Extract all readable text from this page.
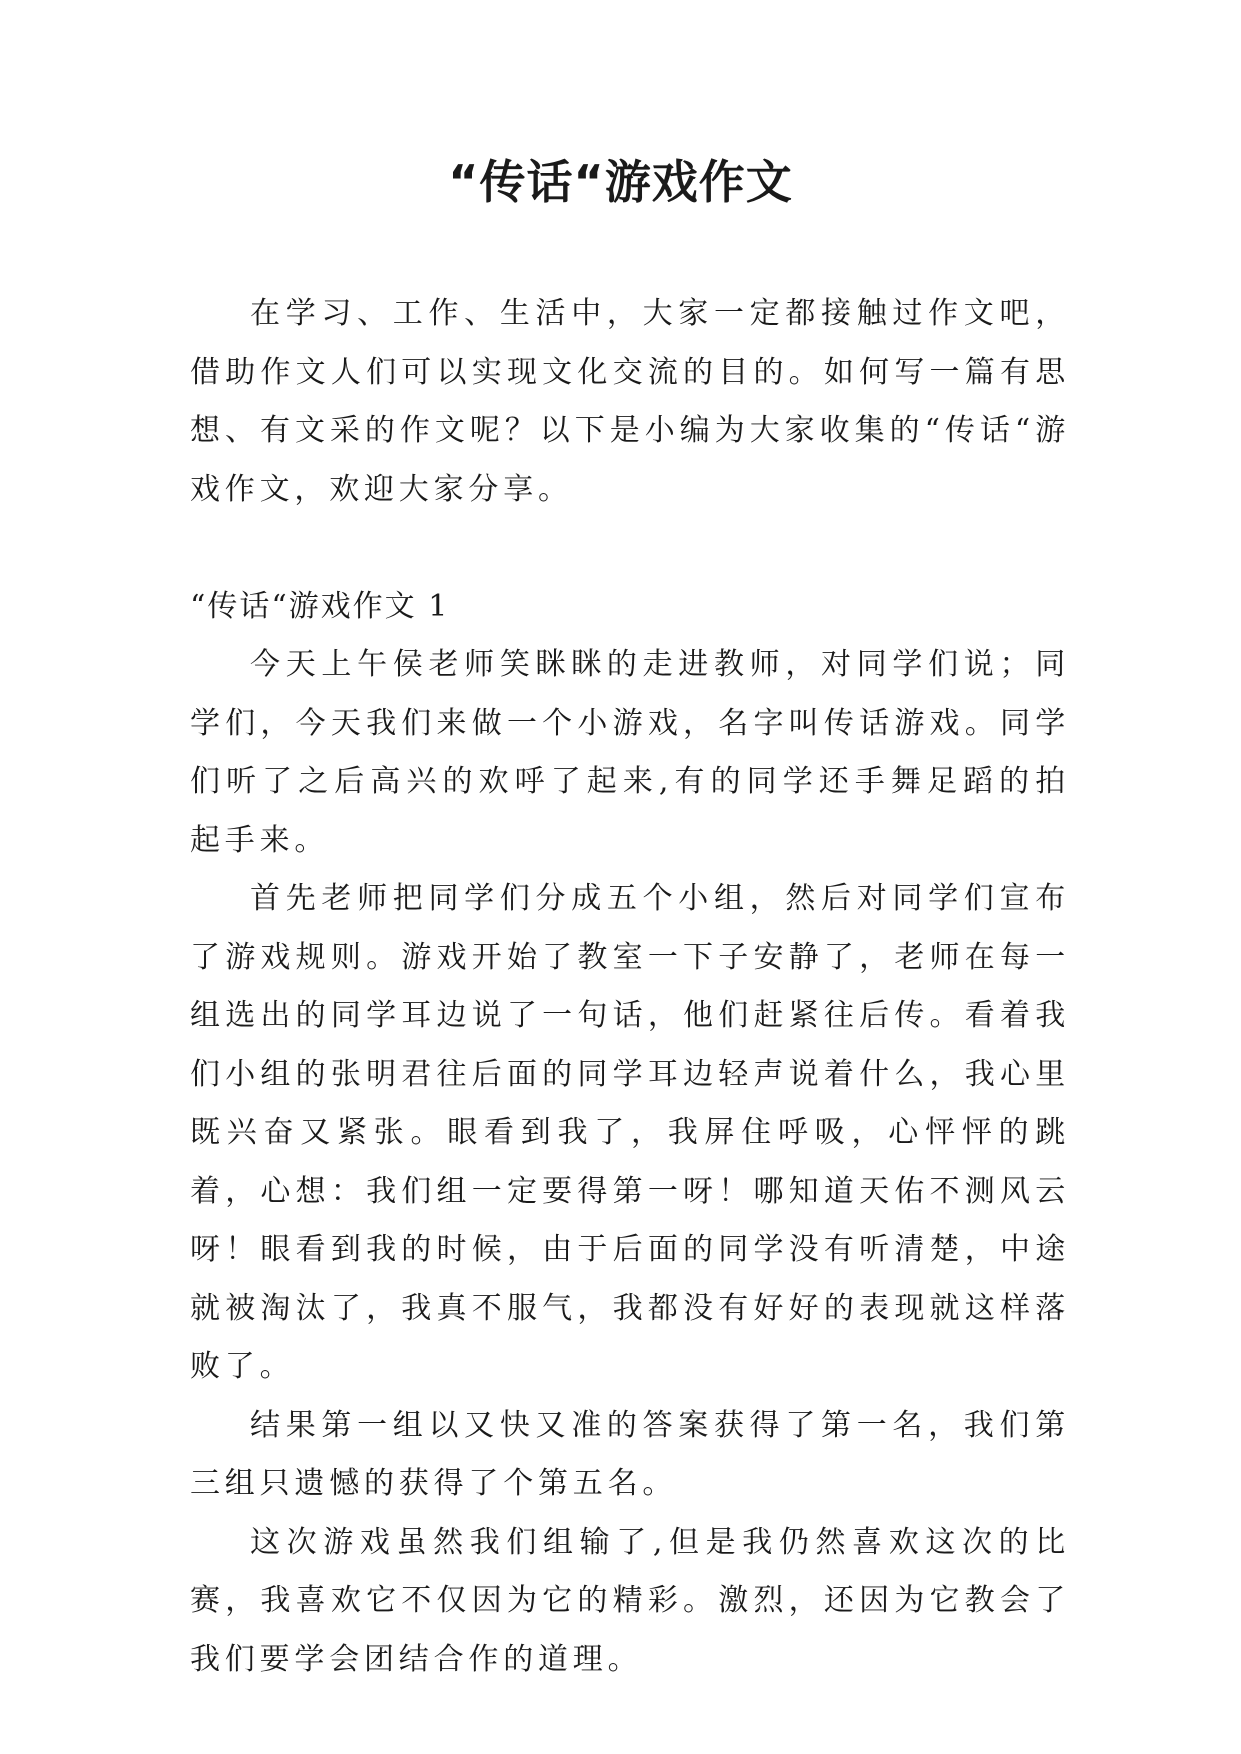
“传话“游戏作文

在学习、工作、生活中，大家一定都接触过作文吧，借助作文人们可以实现文化交流的目的。如何写一篇有思想、有文采的作文呢？以下是小编为大家收集的“传话“游戏作文，欢迎大家分享。

“传话“游戏作文 1

今天上午侯老师笑眯眯的走进教师，对同学们说；同学们，今天我们来做一个小游戏，名字叫传话游戏。同学们听了之后高兴的欢呼了起来,有的同学还手舞足蹈的拍起手来。

首先老师把同学们分成五个小组，然后对同学们宣布了游戏规则。游戏开始了教室一下子安静了，老师在每一组选出的同学耳边说了一句话，他们赶紧往后传。看着我们小组的张明君往后面的同学耳边轻声说着什么，我心里既兴奋又紧张。眼看到我了，我屏住呼吸，心怦怦的跳着，心想：我们组一定要得第一呀！哪知道天佑不测风云呀！眼看到我的时候，由于后面的同学没有听清楚，中途就被淘汰了，我真不服气，我都没有好好的表现就这样落败了。

结果第一组以又快又准的答案获得了第一名，我们第三组只遗憾的获得了个第五名。

这次游戏虽然我们组输了,但是我仍然喜欢这次的比赛，我喜欢它不仅因为它的精彩。激烈，还因为它教会了我们要学会团结合作的道理。
